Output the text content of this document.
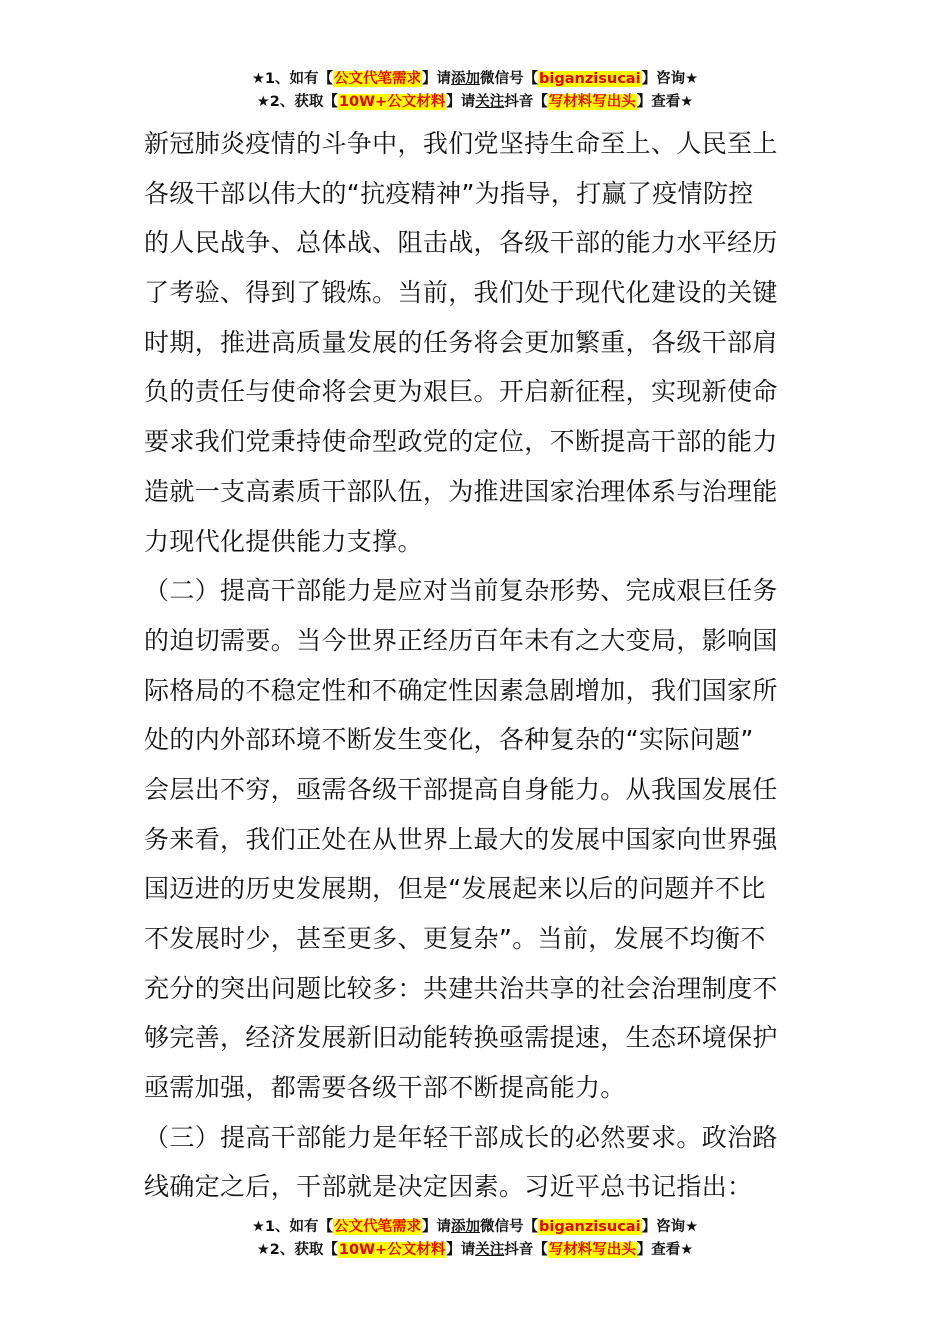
★1、如有【公文代笔需求】请添加微信号【biganzisucai】咨询★
★2、获取【10W+公文材料】请关注抖音【写材料写出头】查看★
新冠肺炎疫情的斗争中，我们党坚持生命至上、人民至上
各级干部以伟大的“抗疫精神”为指导，打赢了疫情防控
的人民战争、总体战、阻击战，各级干部的能力水平经历
了考验、得到了锻炼。当前，我们处于现代化建设的关键
时期，推进高质量发展的任务将会更加繁重，各级干部肩
负的责任与使命将会更为艰巨。开启新征程，实现新使命
要求我们党秉持使命型政党的定位，不断提高干部的能力
造就一支高素质干部队伍，为推进国家治理体系与治理能
力现代化提供能力支撑。
（二）提高干部能力是应对当前复杂形势、完成艰巨任务
的迫切需要。当今世界正经历百年未有之大变局，影响国
际格局的不稳定性和不确定性因素急剧增加，我们国家所
处的内外部环境不断发生变化，各种复杂的“实际问题”
会层出不穷，亟需各级干部提高自身能力。从我国发展任
务来看，我们正处在从世界上最大的发展中国家向世界强
国迈进的历史发展期，但是“发展起来以后的问题并不比
不发展时少，甚至更多、更复杂”。当前，发展不均衡不
充分的突出问题比较多：共建共治共享的社会治理制度不
够完善，经济发展新旧动能转换亟需提速，生态环境保护
亟需加强，都需要各级干部不断提高能力。
（三）提高干部能力是年轻干部成长的必然要求。政治路
线确定之后，干部就是决定因素。习近平总书记指出：
★1、如有【公文代笔需求】请添加微信号【biganzisucai】咨询★
★2、获取【10W+公文材料】请关注抖音【写材料写出头】查看★
